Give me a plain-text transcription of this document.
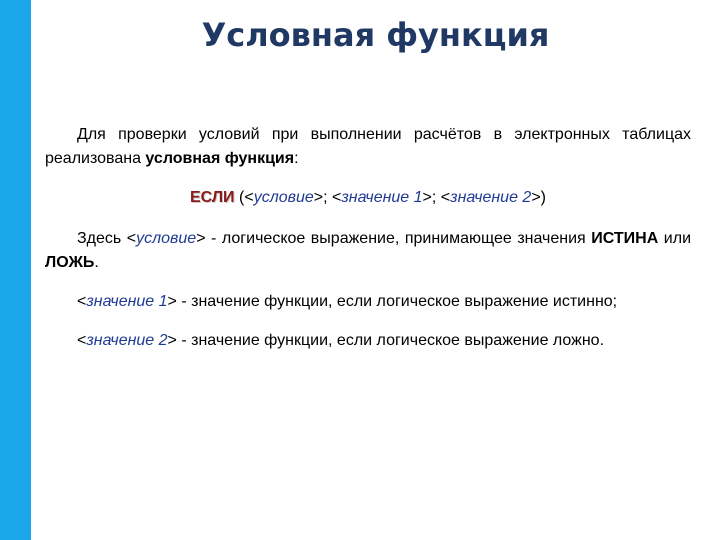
Условная функция

Для проверки условий при выполнении расчётов в электронных таблицах реализована условная функция:

ЕСЛИ (<условие>; <значение 1>; <значение 2>)

Здесь <условие> - логическое выражение, принимающее значения ИСТИНА или ЛОЖЬ.

<значение 1> - значение функции, если логическое выражение истинно;

<значение 2> - значение функции, если логическое выражение ложно.
